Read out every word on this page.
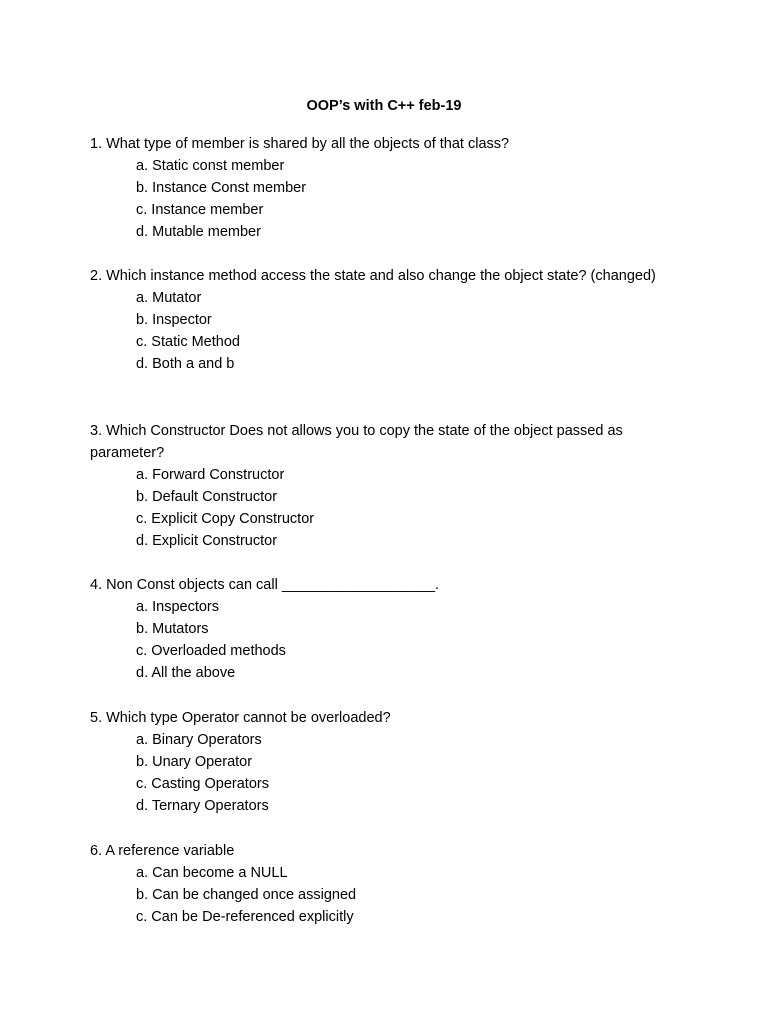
OOP’s with C++ feb-19

1. What type of member is shared by all the objects of that class?

a. Static const member
b. Instance Const member
c. Instance member
d. Mutable member

2. Which instance method access the state and also change the object state? (changed)

a. Mutator
b. Inspector
c. Static Method
d. Both a and b

3. Which Constructor Does not allows you to copy the state of the object passed as parameter?

a. Forward Constructor
b. Default Constructor
c. Explicit Copy Constructor
d. Explicit Constructor

4. Non Const objects can call ___________________.

a. Inspectors
b. Mutators
c. Overloaded methods
d. All the above

5. Which type Operator cannot be overloaded?

a. Binary Operators
b. Unary Operator
c. Casting Operators
d. Ternary Operators

6. A reference variable

a. Can become a NULL
b. Can be changed once assigned
c. Can be De-referenced explicitly
